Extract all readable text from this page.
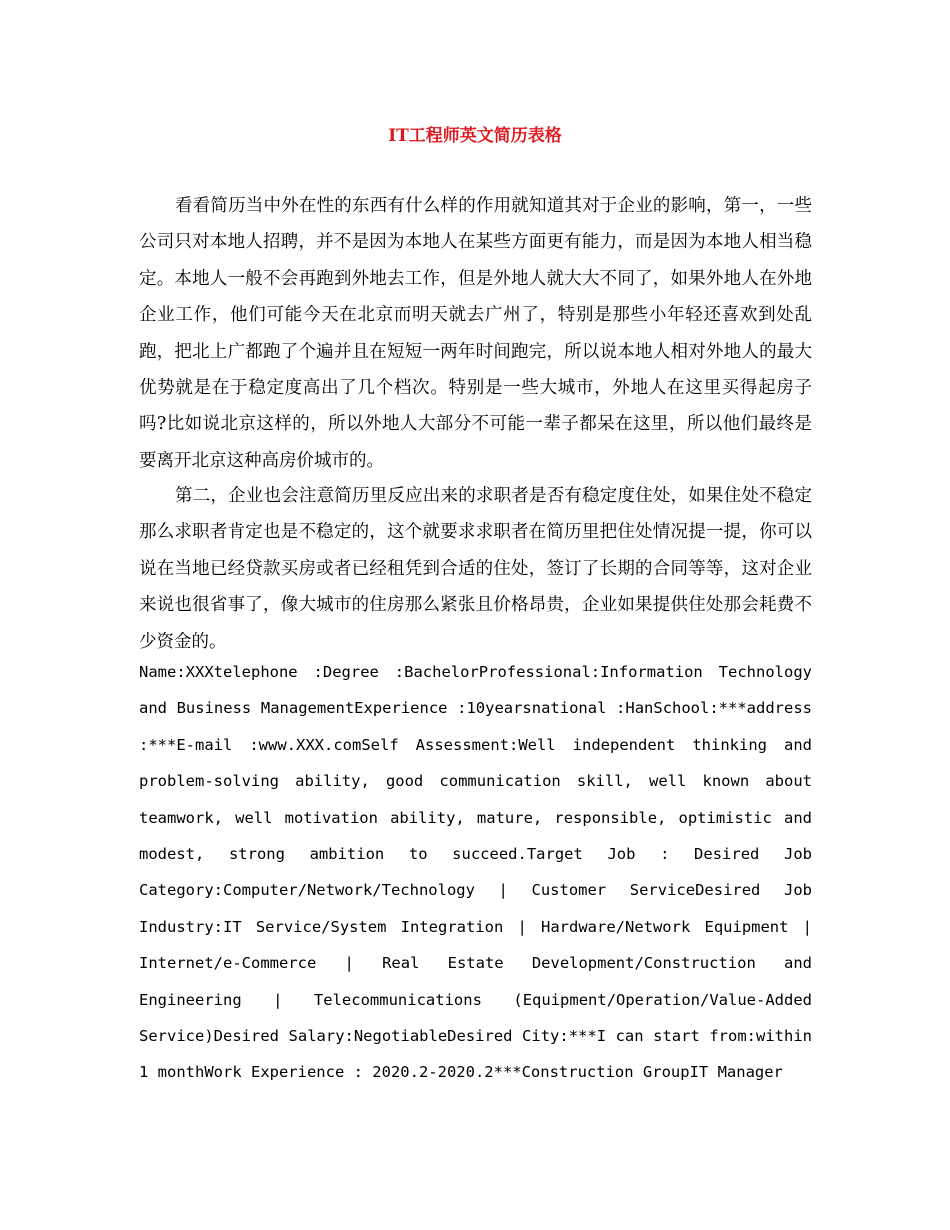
IT工程师英文简历表格

看看简历当中外在性的东西有什么样的作用就知道其对于企业的影响，第一，一些公司只对本地人招聘，并不是因为本地人在某些方面更有能力，而是因为本地人相当稳定。本地人一般不会再跑到外地去工作，但是外地人就大大不同了，如果外地人在外地企业工作，他们可能今天在北京而明天就去广州了，特别是那些小年轻还喜欢到处乱跑，把北上广都跑了个遍并且在短短一两年时间跑完，所以说本地人相对外地人的最大优势就是在于稳定度高出了几个档次。特别是一些大城市，外地人在这里买得起房子吗?比如说北京这样的，所以外地人大部分不可能一辈子都呆在这里，所以他们最终是要离开北京这种高房价城市的。

第二，企业也会注意简历里反应出来的求职者是否有稳定度住处，如果住处不稳定那么求职者肯定也是不稳定的，这个就要求求职者在简历里把住处情况提一提，你可以说在当地已经贷款买房或者已经租凭到合适的住处，签订了长期的合同等等，这对企业来说也很省事了，像大城市的住房那么紧张且价格昂贵，企业如果提供住处那会耗费不少资金的。

Name:XXXtelephone :Degree :BachelorProfessional:Information Technology and Business ManagementExperience :10yearsnational :HanSchool:***address :***E-mail :www.XXX.comSelf Assessment:Well independent thinking and problem-solving ability, good communication skill, well known about teamwork, well motivation ability, mature, responsible, optimistic and modest, strong ambition to succeed.Target Job : Desired Job Category:Computer/Network/Technology | Customer ServiceDesired Job Industry:IT Service/System Integration | Hardware/Network Equipment | Internet/e-Commerce | Real Estate Development/Construction and Engineering | Telecommunications (Equipment/Operation/Value-Added Service)Desired Salary:NegotiableDesired City:***I can start from:within 1 monthWork Experience : 2020.2-2020.2***Construction GroupIT Manager
